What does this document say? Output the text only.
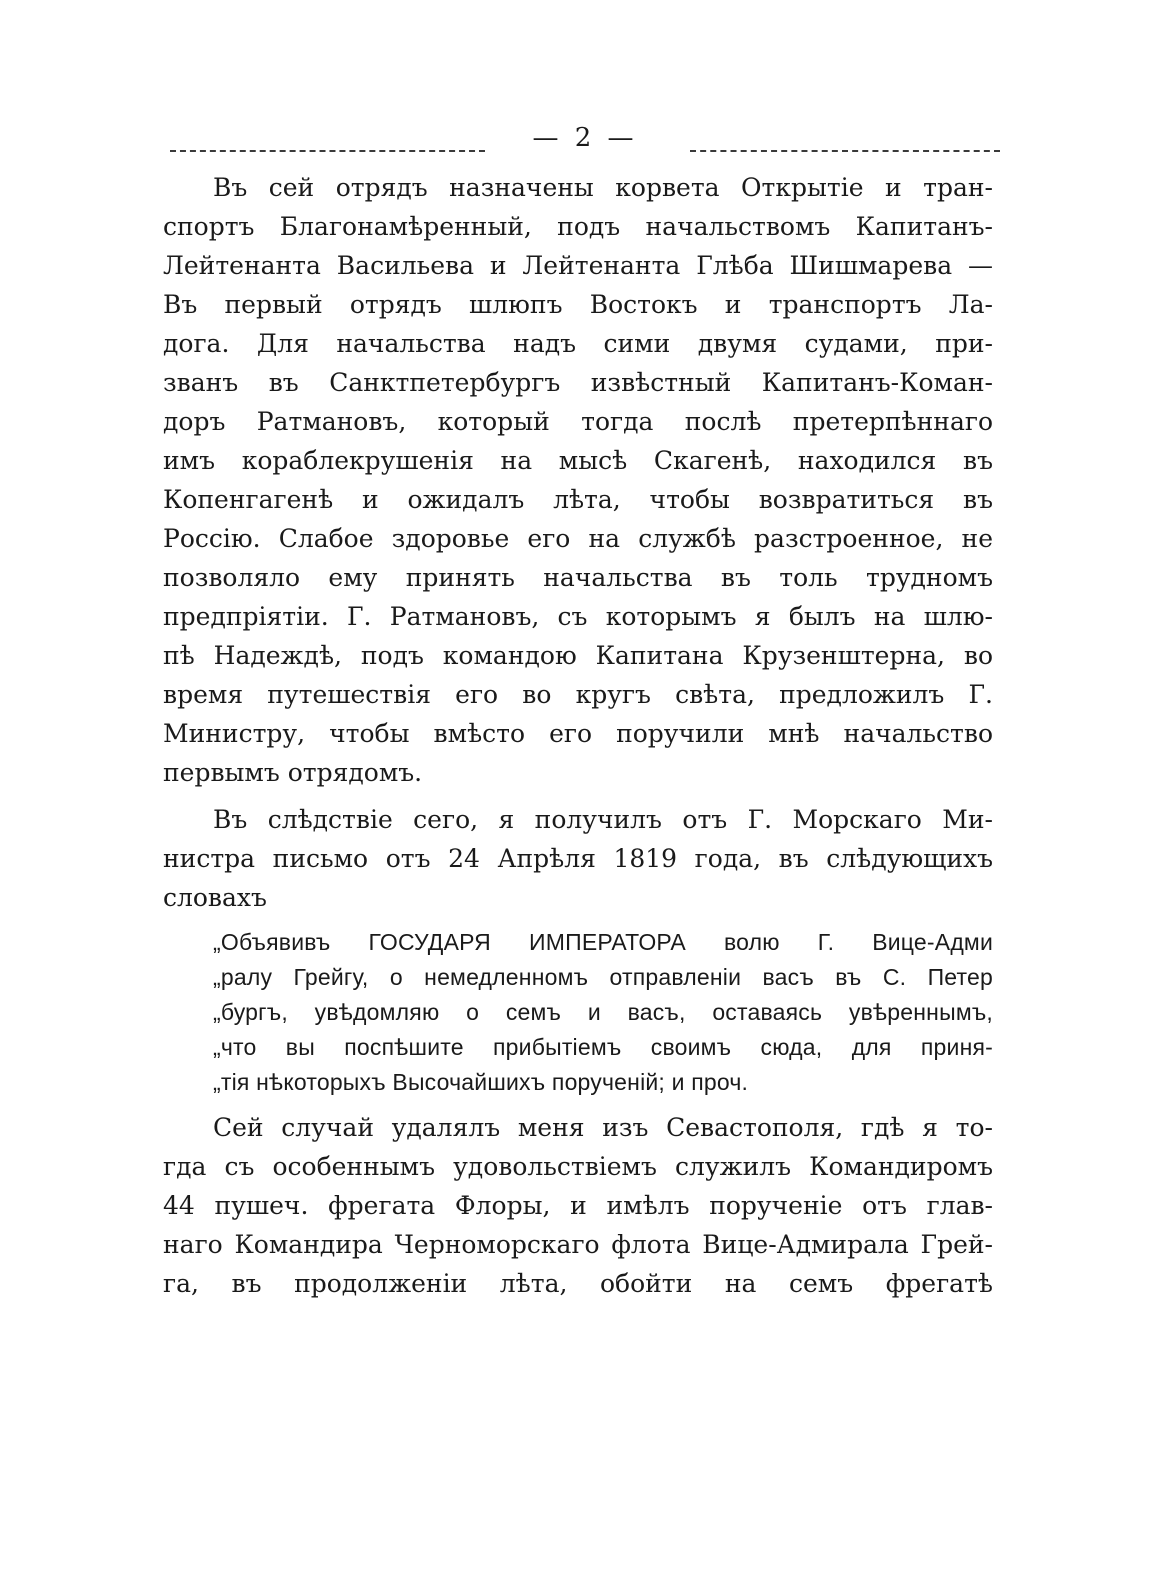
— 2 —
Въ сей отрядъ назначены корвета Открытіе и тран-
спортъ Благонамѣренный, подъ начальствомъ Капитанъ-
Лейтенанта Васильева и Лейтенанта Глѣба Шишмарева —
Въ первый отрядъ шлюпъ Востокъ и транспортъ Ла-
дога. Для начальства надъ сими двумя судами, при-
званъ въ Санктпетербургъ извѣстный Капитанъ-Коман-
доръ Ратмановъ, который тогда послѣ претерпѣннаго
имъ кораблекрушенія на мысѣ Скагенѣ, находился въ
Копенгагенѣ и ожидалъ лѣта, чтобы возвратиться въ
Россію. Слабое здоровье его на службѣ разстроенное, не
позволяло ему принять начальства въ толь трудномъ
предпріятіи. Г. Ратмановъ, съ которымъ я былъ на шлю-
пѣ Надеждѣ, подъ командою Капитана Крузенштерна, во
время путешествія его во кругъ свѣта, предложилъ Г.
Министру, чтобы вмѣсто его поручили мнѣ начальство
первымъ отрядомъ.
Въ слѣдствіе сего, я получилъ отъ Г. Морскаго Ми-
нистра письмо отъ 24 Апрѣля 1819 года, въ слѣдующихъ
словахъ
„Объявивъ ГОСУДАРЯ ИМПЕРАТОРА волю Г. Вице-Адми
„ралу Грейгу, о немедленномъ отправленіи васъ въ С. Петер
„бургъ, увѣдомляю о семъ и васъ, оставаясь увѣреннымъ,
„что вы поспѣшите прибытіемъ своимъ сюда, для приня-
„тія нѣкоторыхъ Высочайшихъ порученій; и проч.
Сей случай удалялъ меня изъ Севастополя, гдѣ я то-
гда съ особеннымъ удовольствіемъ служилъ Командиромъ
44 пушеч. фрегата Флоры, и имѣлъ порученіе отъ глав-
наго Командира Черноморскаго флота Вице-Адмирала Грей-
га, въ продолженіи лѣта, обойти на семъ фрегатѣ
